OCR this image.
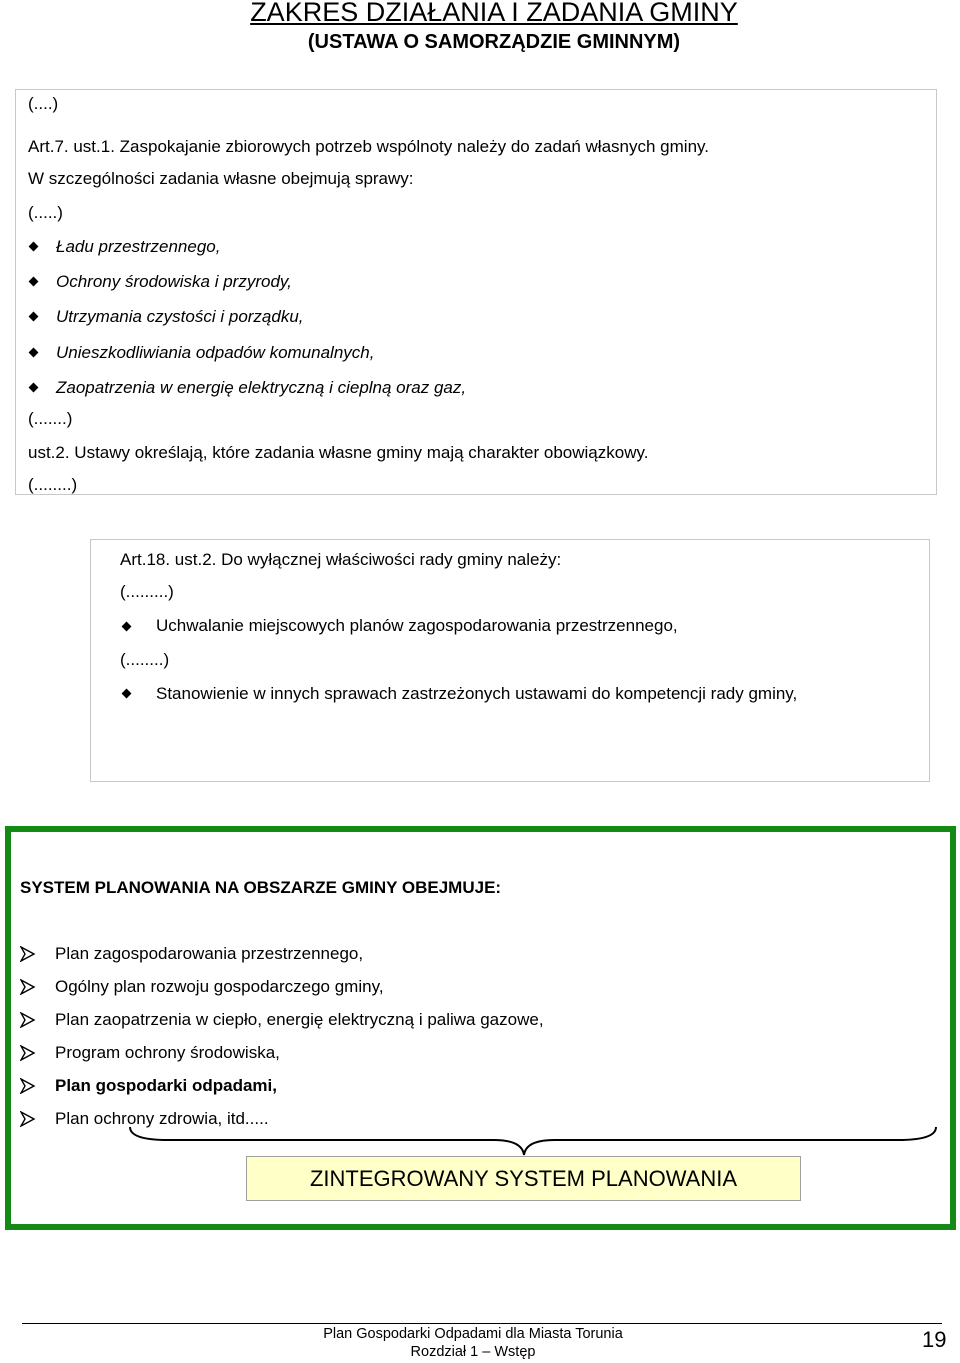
ZAKRES DZIAŁANIA I ZADANIA GMINY
(USTAWA O SAMORZĄDZIE GMINNYM)
(....)
Art.7. ust.1. Zaspokajanie zbiorowych potrzeb wspólnoty należy do zadań własnych gminy.
W szczególności zadania własne obejmują sprawy:
(.....)
Ładu przestrzennego,
Ochrony środowiska i przyrody,
Utrzymania czystości i porządku,
Unieszkodliwiania odpadów komunalnych,
Zaopatrzenia w energię elektryczną i cieplną oraz gaz,
(.......)
ust.2. Ustawy określają, które zadania własne gminy mają charakter obowiązkowy.
(........)
Art.18. ust.2. Do wyłącznej właściwości rady gminy należy:
(.........)
Uchwalanie miejscowych planów zagospodarowania przestrzennego,
(........)
Stanowienie w innych sprawach zastrzeżonych ustawami do kompetencji rady gminy,
SYSTEM PLANOWANIA NA OBSZARZE GMINY OBEJMUJE:
Plan zagospodarowania przestrzennego,
Ogólny plan rozwoju gospodarczego gminy,
Plan zaopatrzenia w ciepło, energię elektryczną i paliwa gazowe,
Program ochrony środowiska,
Plan gospodarki odpadami,
Plan ochrony zdrowia, itd.....
ZINTEGROWANY SYSTEM PLANOWANIA
Plan Gospodarki Odpadami dla Miasta Torunia
Rozdział 1 – Wstęp	19
